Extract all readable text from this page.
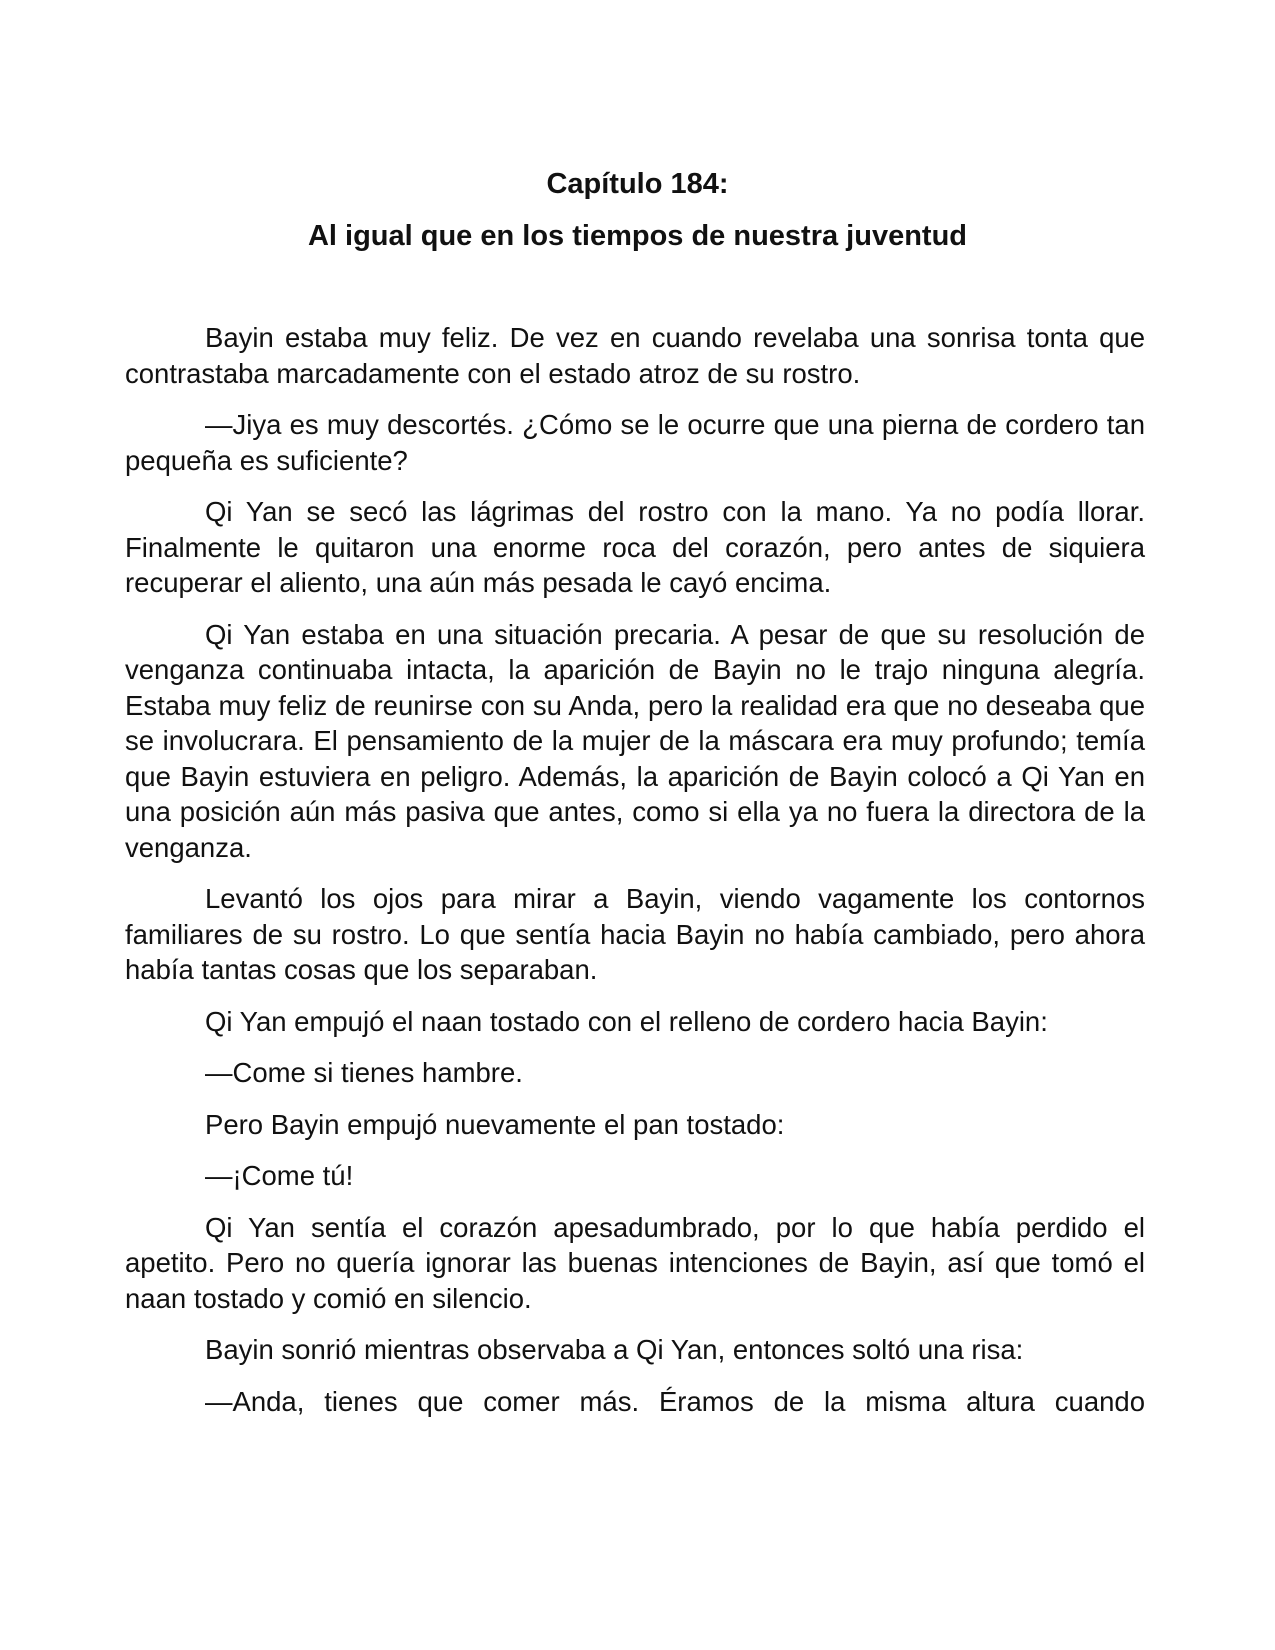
Capítulo 184:
Al igual que en los tiempos de nuestra juventud

Bayin estaba muy feliz. De vez en cuando revelaba una sonrisa tonta que contrastaba marcadamente con el estado atroz de su rostro.

—Jiya es muy descortés. ¿Cómo se le ocurre que una pierna de cordero tan pequeña es suficiente?

Qi Yan se secó las lágrimas del rostro con la mano. Ya no podía llorar. Finalmente le quitaron una enorme roca del corazón, pero antes de siquiera recuperar el aliento, una aún más pesada le cayó encima.

Qi Yan estaba en una situación precaria. A pesar de que su resolución de venganza continuaba intacta, la aparición de Bayin no le trajo ninguna alegría. Estaba muy feliz de reunirse con su Anda, pero la realidad era que no deseaba que se involucrara. El pensamiento de la mujer de la máscara era muy profundo; temía que Bayin estuviera en peligro. Además, la aparición de Bayin colocó a Qi Yan en una posición aún más pasiva que antes, como si ella ya no fuera la directora de la venganza.

Levantó los ojos para mirar a Bayin, viendo vagamente los contornos familiares de su rostro. Lo que sentía hacia Bayin no había cambiado, pero ahora había tantas cosas que los separaban.

Qi Yan empujó el naan tostado con el relleno de cordero hacia Bayin:

—Come si tienes hambre.

Pero Bayin empujó nuevamente el pan tostado:

—¡Come tú!

Qi Yan sentía el corazón apesadumbrado, por lo que había perdido el apetito. Pero no quería ignorar las buenas intenciones de Bayin, así que tomó el naan tostado y comió en silencio.

Bayin sonrió mientras observaba a Qi Yan, entonces soltó una risa:

—Anda, tienes que comer más. Éramos de la misma altura cuando
